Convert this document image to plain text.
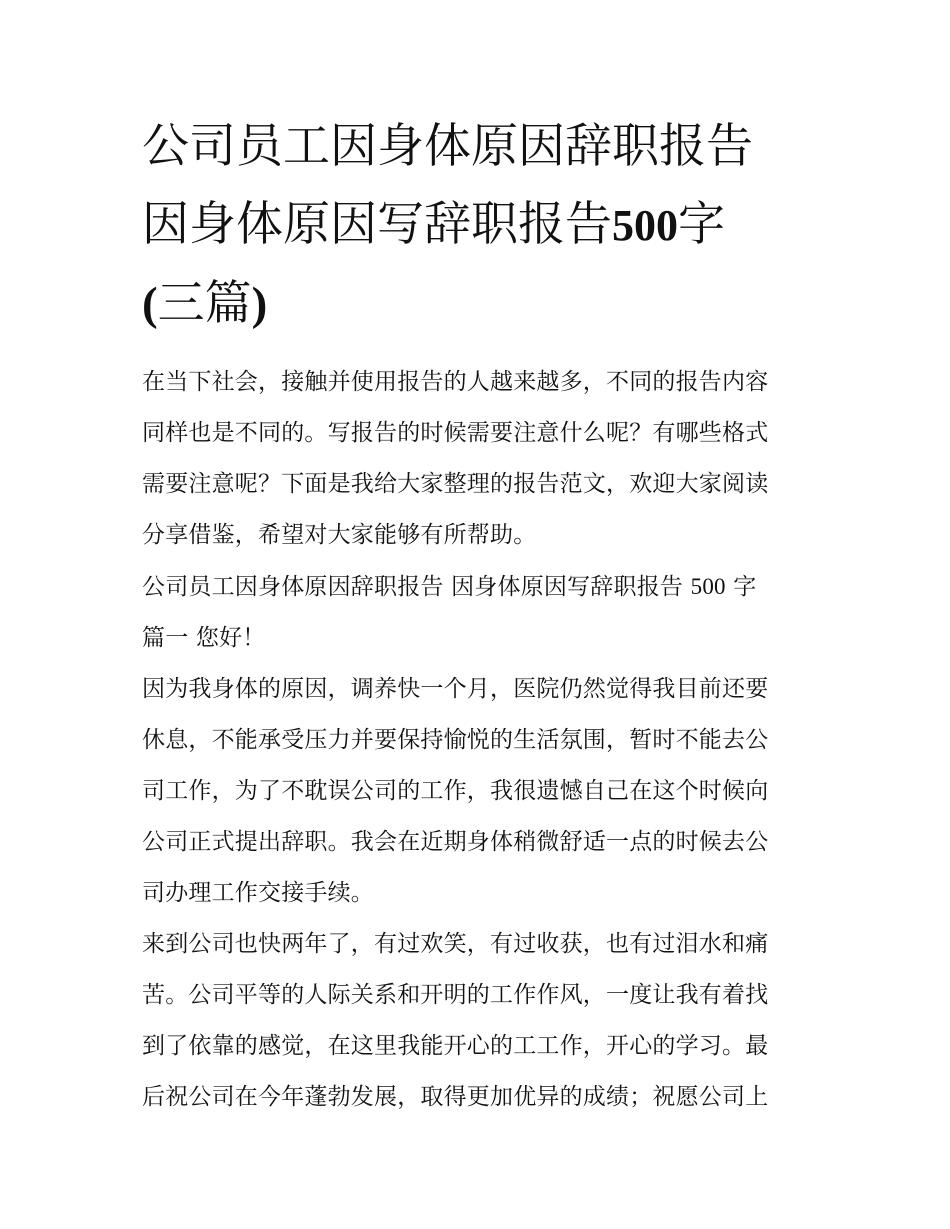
公司员工因身体原因辞职报告
因身体原因写辞职报告500字
(三篇)

在当下社会，接触并使用报告的人越来越多，不同的报告内容
同样也是不同的。写报告的时候需要注意什么呢？有哪些格式
需要注意呢？下面是我给大家整理的报告范文，欢迎大家阅读
分享借鉴，希望对大家能够有所帮助。

公司员工因身体原因辞职报告 因身体原因写辞职报告 500 字

篇一 您好！

因为我身体的原因，调养快一个月，医院仍然觉得我目前还要
休息，不能承受压力并要保持愉悦的生活氛围，暂时不能去公
司工作，为了不耽误公司的工作，我很遗憾自己在这个时候向
公司正式提出辞职。我会在近期身体稍微舒适一点的时候去公
司办理工作交接手续。

来到公司也快两年了，有过欢笑，有过收获，也有过泪水和痛
苦。公司平等的人际关系和开明的工作作风，一度让我有着找
到了依靠的感觉，在这里我能开心的工工作，开心的学习。最
后祝公司在今年蓬勃发展，取得更加优异的成绩；祝愿公司上
